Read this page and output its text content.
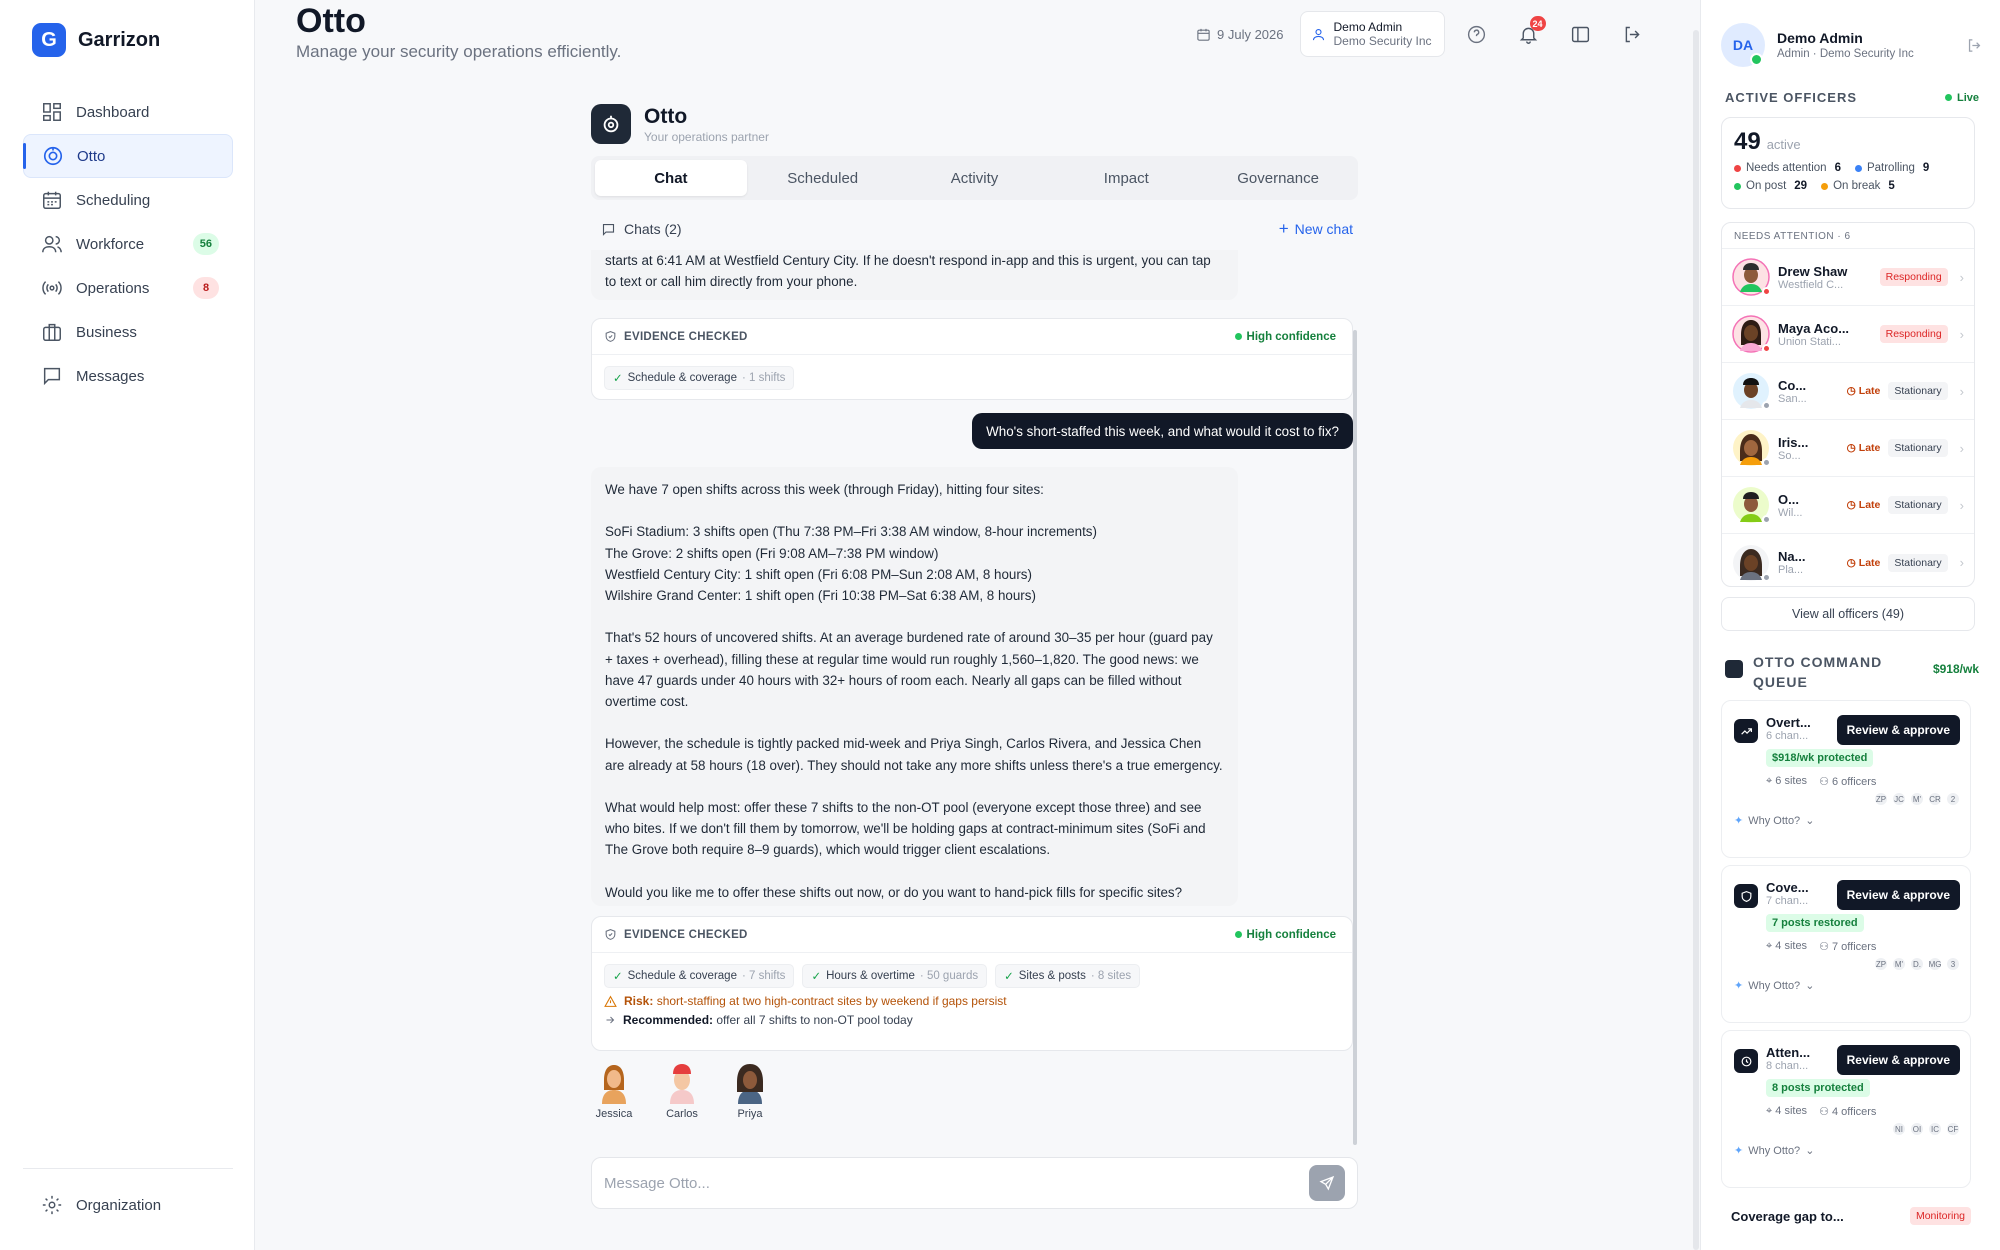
G	Garrizon
Dashboard
Otto
Scheduling
Workforce	56
Operations	8
Business
Messages
Organization
Otto
Manage your security operations efficiently.
9 July 2026	Demo Admin
Demo Security Inc
24
Otto
Your operations partner
Chat	Scheduled	Activity	Impact	Governance
Chats (2)	+ New chat
starts at 6:41 AM at Westfield Century City. If he doesn't respond in-app and this is urgent, you can tap
to text or call him directly from your phone.
EVIDENCE CHECKED	High confidence
✓ Schedule & coverage · 1 shifts
Who's short-staffed this week, and what would it cost to fix?
We have 7 open shifts across this week (through Friday), hitting four sites:

SoFi Stadium: 3 shifts open (Thu 7:38 PM–Fri 3:38 AM window, 8-hour increments)
The Grove: 2 shifts open (Fri 9:08 AM–7:38 PM window)
Westfield Century City: 1 shift open (Fri 6:08 PM–Sun 2:08 AM, 8 hours)
Wilshire Grand Center: 1 shift open (Fri 10:38 PM–Sat 6:38 AM, 8 hours)

That's 52 hours of uncovered shifts. At an average burdened rate of around 30–35 per hour (guard pay
+ taxes + overhead), filling these at regular time would run roughly 1,560–1,820. The good news: we
have 47 guards under 40 hours with 32+ hours of room each. Nearly all gaps can be filled without
overtime cost.

However, the schedule is tightly packed mid-week and Priya Singh, Carlos Rivera, and Jessica Chen
are already at 58 hours (18 over). They should not take any more shifts unless there's a true emergency.

What would help most: offer these 7 shifts to the non-OT pool (everyone except those three) and see
who bites. If we don't fill them by tomorrow, we'll be holding gaps at contract-minimum sites (SoFi and
The Grove both require 8–9 guards), which would trigger client escalations.

Would you like me to offer these shifts out now, or do you want to hand-pick fills for specific sites?
EVIDENCE CHECKED	High confidence
✓ Schedule & coverage · 7 shifts ✓ Hours & overtime · 50 guards ✓ Sites & posts · 8 sites
Risk: short-staffing at two high-contract sites by weekend if gaps persist
Recommended: offer all 7 shifts to non-OT pool today
Jessica	Carlos	Priya
Message Otto...
DA	Demo Admin
Admin · Demo Security Inc
ACTIVE OFFICERS	Live
49 active
Needs attention 6 Patrolling 9
On post 29 On break 5
NEEDS ATTENTION · 6
Drew Shaw
Westfield C...
Responding	›
Maya Aco...
Union Stati...
Responding	›
Co...
San...
◷ Late	Stationary	›
Iris...
So...
◷ Late	Stationary	›
O...
Wil...
◷ Late	Stationary	›
Na...
Pla...
◷ Late	Stationary	›
View all officers (49)
OTTO COMMAND QUEUE
$918/wk
Overt...
6 chan...	Review & approve
$918/wk protected
⌖ 6 sites ⚇ 6 officers
ZP JC	M'	CR	2
✦ Why Otto? ⌄
Cove...
7 chan...	Review & approve
7 posts restored
⌖ 4 sites ⚇ 7 officers
ZP	M'	D. MG	3
✦ Why Otto? ⌄
Atten...
8 chan...	Review & approve
8 posts protected
⌖ 4 sites ⚇ 4 officers
NI	OI	IC	CF
✦ Why Otto? ⌄
Coverage gap to...	Monitoring
